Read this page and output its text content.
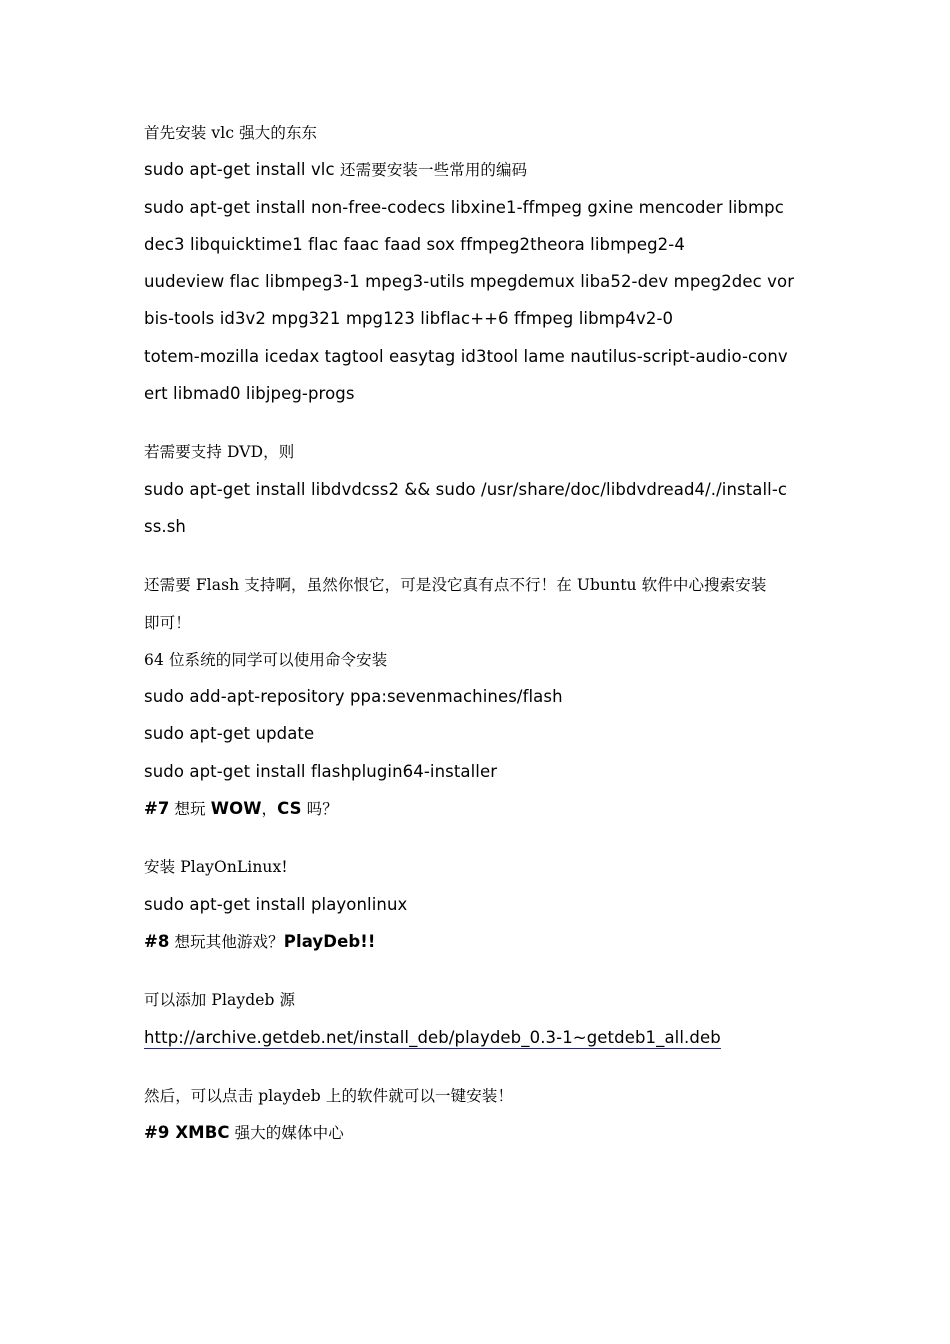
首先安装 vlc 强大的东东
sudo apt-get install vlc 还需要安装一些常用的编码
sudo apt-get install non-free-codecs libxine1-ffmpeg gxine mencoder libmpc
dec3 libquicktime1 flac faac faad sox ffmpeg2theora libmpeg2-4
uudeview flac libmpeg3-1 mpeg3-utils mpegdemux liba52-dev mpeg2dec vor
bis-tools id3v2 mpg321 mpg123 libflac++6 ffmpeg libmp4v2-0
totem-mozilla icedax tagtool easytag id3tool lame nautilus-script-audio-conv
ert libmad0 libjpeg-progs
若需要支持 DVD，则
sudo apt-get install libdvdcss2 && sudo /usr/share/doc/libdvdread4/./install-c
ss.sh
还需要 Flash 支持啊，虽然你恨它，可是没它真有点不行！在 Ubuntu 软件中心搜索安装
即可！
64 位系统的同学可以使用命令安装
sudo add-apt-repository ppa:sevenmachines/flash
sudo apt-get update
sudo apt-get install flashplugin64-installer
#7 想玩 WOW，CS 吗？
安装 PlayOnLinux!
sudo apt-get install playonlinux
#8 想玩其他游戏？PlayDeb!!
可以添加 Playdeb 源
http://archive.getdeb.net/install_deb/playdeb_0.3-1~getdeb1_all.deb
然后，可以点击 playdeb 上的软件就可以一键安装！
#9 XMBC 强大的媒体中心
